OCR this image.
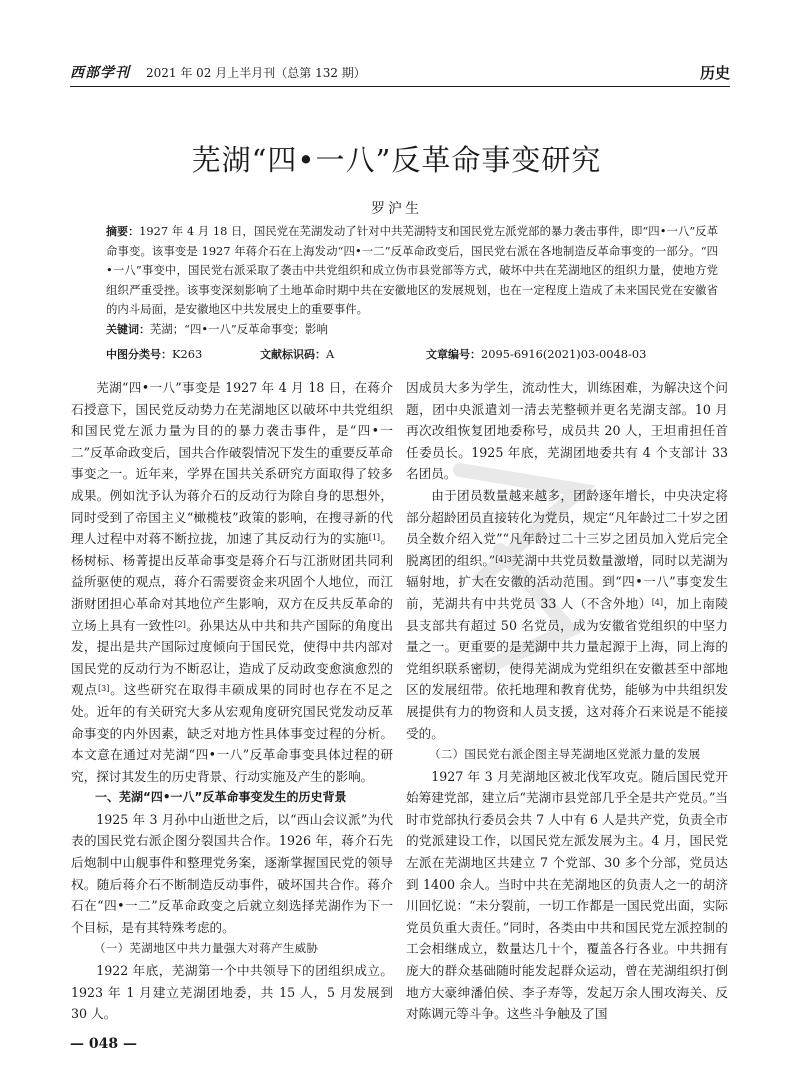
西部学刊 2021 年 02 月上半月刊（总第 132 期）	历史
芜湖“四•一八”反革命事变研究
罗沪生

摘要：1927 年 4 月 18 日，国民党在芜湖发动了针对中共芜湖特支和国民党左派党部的暴力袭击事件，即“四•一八”反革命事变。该事变是 1927 年蒋介石在上海发动“四•一二”反革命政变后，国民党右派在各地制造反革命事变的一部分。“四•一八”事变中，国民党右派采取了袭击中共党组织和成立伪市县党部等方式，破坏中共在芜湖地区的组织力量，使地方党组织严重受挫。该事变深刻影响了土地革命时期中共在安徽地区的发展规划，也在一定程度上造成了未来国民党在安徽省的内斗局面，是安徽地区中共发展史上的重要事件。

关键词：芜湖；“四•一八”反革命事变；影响

中图分类号：K263	文献标识码：A	文章编号：2095-6916(2021)03-0048-03

芜湖“四•一八”事变是 1927 年 4 月 18 日，在蒋介石授意下，国民党反动势力在芜湖地区以破坏中共党组织和国民党左派力量为目的的暴力袭击事件，是“四•一二”反革命政变后，国共合作破裂情况下发生的重要反革命事变之一。近年来，学界在国共关系研究方面取得了较多成果。例如沈予认为蒋介石的反动行为除自身的思想外，同时受到了帝国主义“橄榄枝”政策的影响，在搜寻新的代理人过程中对蒋不断拉拢，加速了其反动行为的实施[1]。杨树标、杨菁提出反革命事变是蒋介石与江浙财团共同利益所驱使的观点，蒋介石需要资金来巩固个人地位，而江浙财团担心革命对其地位产生影响，双方在反共反革命的立场上具有一致性[2]。孙果达从中共和共产国际的角度出发，提出是共产国际过度倾向于国民党，使得中共内部对国民党的反动行为不断忍让，造成了反动政变愈演愈烈的观点[3]。这些研究在取得丰硕成果的同时也存在不足之处。近年的有关研究大多从宏观角度研究国民党发动反革命事变的内外因素，缺乏对地方性具体事变过程的分析。本文意在通过对芜湖“四•一八”反革命事变具体过程的研究，探讨其发生的历史背景、行动实施及产生的影响。

一、芜湖“四•一八”反革命事变发生的历史背景

1925 年 3 月孙中山逝世之后，以“西山会议派”为代表的国民党右派企图分裂国共合作。1926 年，蒋介石先后炮制中山舰事件和整理党务案，逐渐掌握国民党的领导权。随后蒋介石不断制造反动事件，破坏国共合作。蒋介石在“四•一二”反革命政变之后就立刻选择芜湖作为下一个目标，是有其特殊考虑的。

（一）芜湖地区中共力量强大对蒋产生威胁

1922 年底，芜湖第一个中共领导下的团组织成立。1923 年 1 月建立芜湖团地委，共 15 人，5 月发展到 30 人。

因成员大多为学生，流动性大，训练困难，为解决这个问题，团中央派遣刘一清去芜整顿并更名芜湖支部。10 月再次改组恢复团地委称号，成员共 20 人，王坦甫担任首任委员长。1925 年底，芜湖团地委共有 4 个支部计 33 名团员。

由于团员数量越来越多，团龄逐年增长，中央决定将部分超龄团员直接转化为党员，规定“凡年龄过二十岁之团员全数介绍入党”“凡年龄过二十三岁之团员加入党后完全脱离团的组织。”$^{[4]3}$芜湖中共党员数量激增，同时以芜湖为辐射地，扩大在安徽的活动范围。到“四•一八”事变发生前，芜湖共有中共党员 33 人（不含外地）[4]，加上南陵县支部共有超过 50 名党员，成为安徽省党组织的中坚力量之一。更重要的是芜湖中共力量起源于上海，同上海的党组织联系密切，使得芜湖成为党组织在安徽甚至中部地区的发展纽带。依托地理和教育优势，能够为中共组织发展提供有力的物资和人员支援，这对蒋介石来说是不能接受的。

（二）国民党右派企图主导芜湖地区党派力量的发展

1927 年 3 月芜湖地区被北伐军攻克。随后国民党开始筹建党部，建立后“芜湖市县党部几乎全是共产党员。”当时市党部执行委员会共 7 人中有 6 人是共产党，负责全市的党派建设工作，以国民党左派发展为主。4 月，国民党左派在芜湖地区共建立 7 个党部、30 多个分部，党员达到 1400 余人。当时中共在芜湖地区的负责人之一的胡济川回忆说：“未分裂前，一切工作都是一国民党出面，实际党员负重大责任。”同时，各类由中共和国民党左派控制的工会相继成立，数量达几十个，覆盖各行各业。中共拥有庞大的群众基础随时能发起群众运动，曾在芜湖组织打倒地方大豪绅潘伯侯、李子寿等，发起万余人围攻海关、反对陈调元等斗争。这些斗争触及了国

— 048 —
